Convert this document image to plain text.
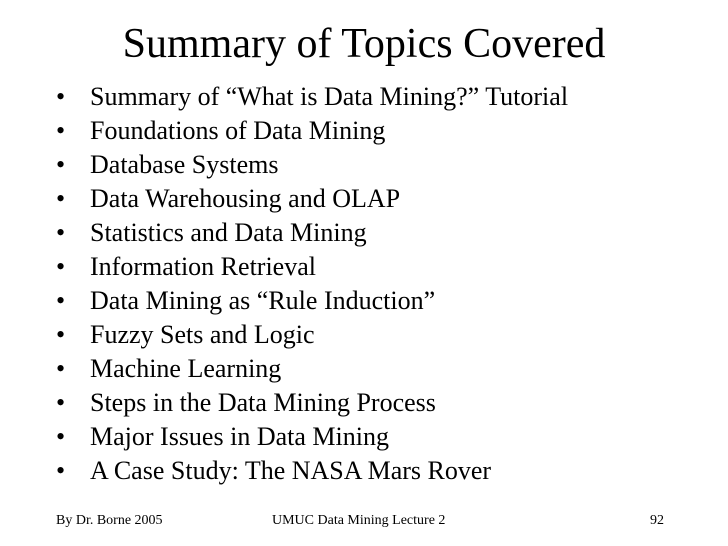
Summary of Topics Covered
• Summary of “What is Data Mining?” Tutorial
• Foundations of Data Mining
• Database Systems
• Data Warehousing and OLAP
• Statistics and Data Mining
• Information Retrieval
• Data Mining as “Rule Induction”
• Fuzzy Sets and Logic
• Machine Learning
• Steps in the Data Mining Process
• Major Issues in Data Mining
• A Case Study: The NASA Mars Rover
By Dr. Borne 2005	UMUC Data Mining Lecture 2	92
